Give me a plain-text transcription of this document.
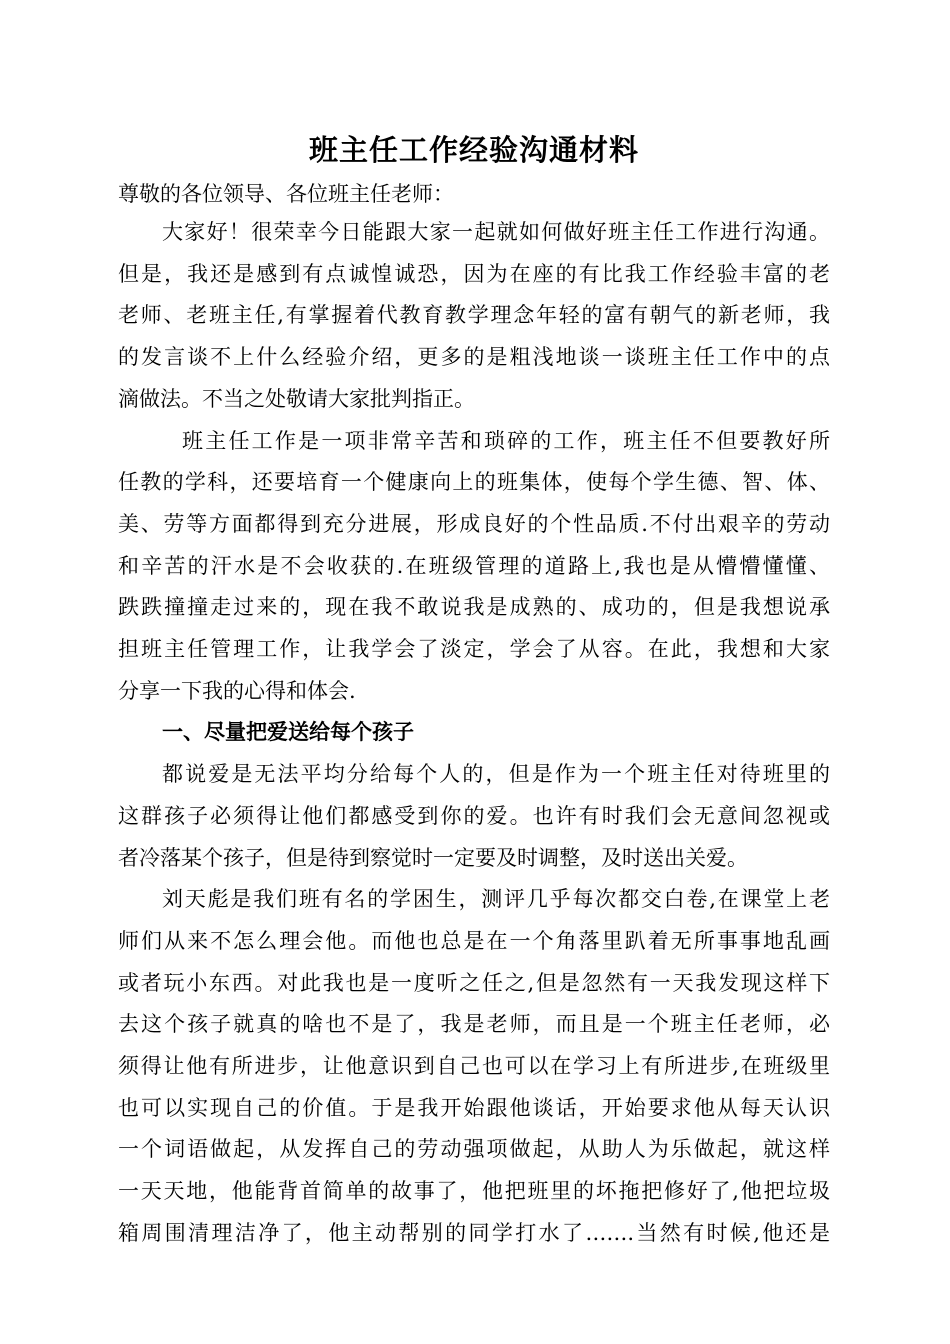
班主任工作经验沟通材料
尊敬的各位领导、各位班主任老师：
大家好！很荣幸今日能跟大家一起就如何做好班主任工作进行沟通。
但是，我还是感到有点诚惶诚恐，因为在座的有比我工作经验丰富的老
老师、老班主任,有掌握着代教育教学理念年轻的富有朝气的新老师，我
的发言谈不上什么经验介绍，更多的是粗浅地谈一谈班主任工作中的点
滴做法。不当之处敬请大家批判指正。
班主任工作是一项非常辛苦和琐碎的工作，班主任不但要教好所
任教的学科，还要培育一个健康向上的班集体，使每个学生德、智、体、
美、劳等方面都得到充分进展，形成良好的个性品质.不付出艰辛的劳动
和辛苦的汗水是不会收获的.在班级管理的道路上,我也是从懵懵懂懂、
跌跌撞撞走过来的，现在我不敢说我是成熟的、成功的，但是我想说承
担班主任管理工作，让我学会了淡定，学会了从容。在此，我想和大家
分享一下我的心得和体会.
一、尽量把爱送给每个孩子
都说爱是无法平均分给每个人的，但是作为一个班主任对待班里的
这群孩子必须得让他们都感受到你的爱。也许有时我们会无意间忽视或
者冷落某个孩子，但是待到察觉时一定要及时调整，及时送出关爱。
刘天彪是我们班有名的学困生，测评几乎每次都交白卷,在课堂上老
师们从来不怎么理会他。而他也总是在一个角落里趴着无所事事地乱画
或者玩小东西。对此我也是一度听之任之,但是忽然有一天我发现这样下
去这个孩子就真的啥也不是了，我是老师，而且是一个班主任老师，必
须得让他有所进步，让他意识到自己也可以在学习上有所进步,在班级里
也可以实现自己的价值。于是我开始跟他谈话，开始要求他从每天认识
一个词语做起，从发挥自己的劳动强项做起，从助人为乐做起，就这样
一天天地，他能背首简单的故事了，他把班里的坏拖把修好了,他把垃圾
箱周围清理洁净了，他主动帮别的同学打水了…….当然有时候,他还是
